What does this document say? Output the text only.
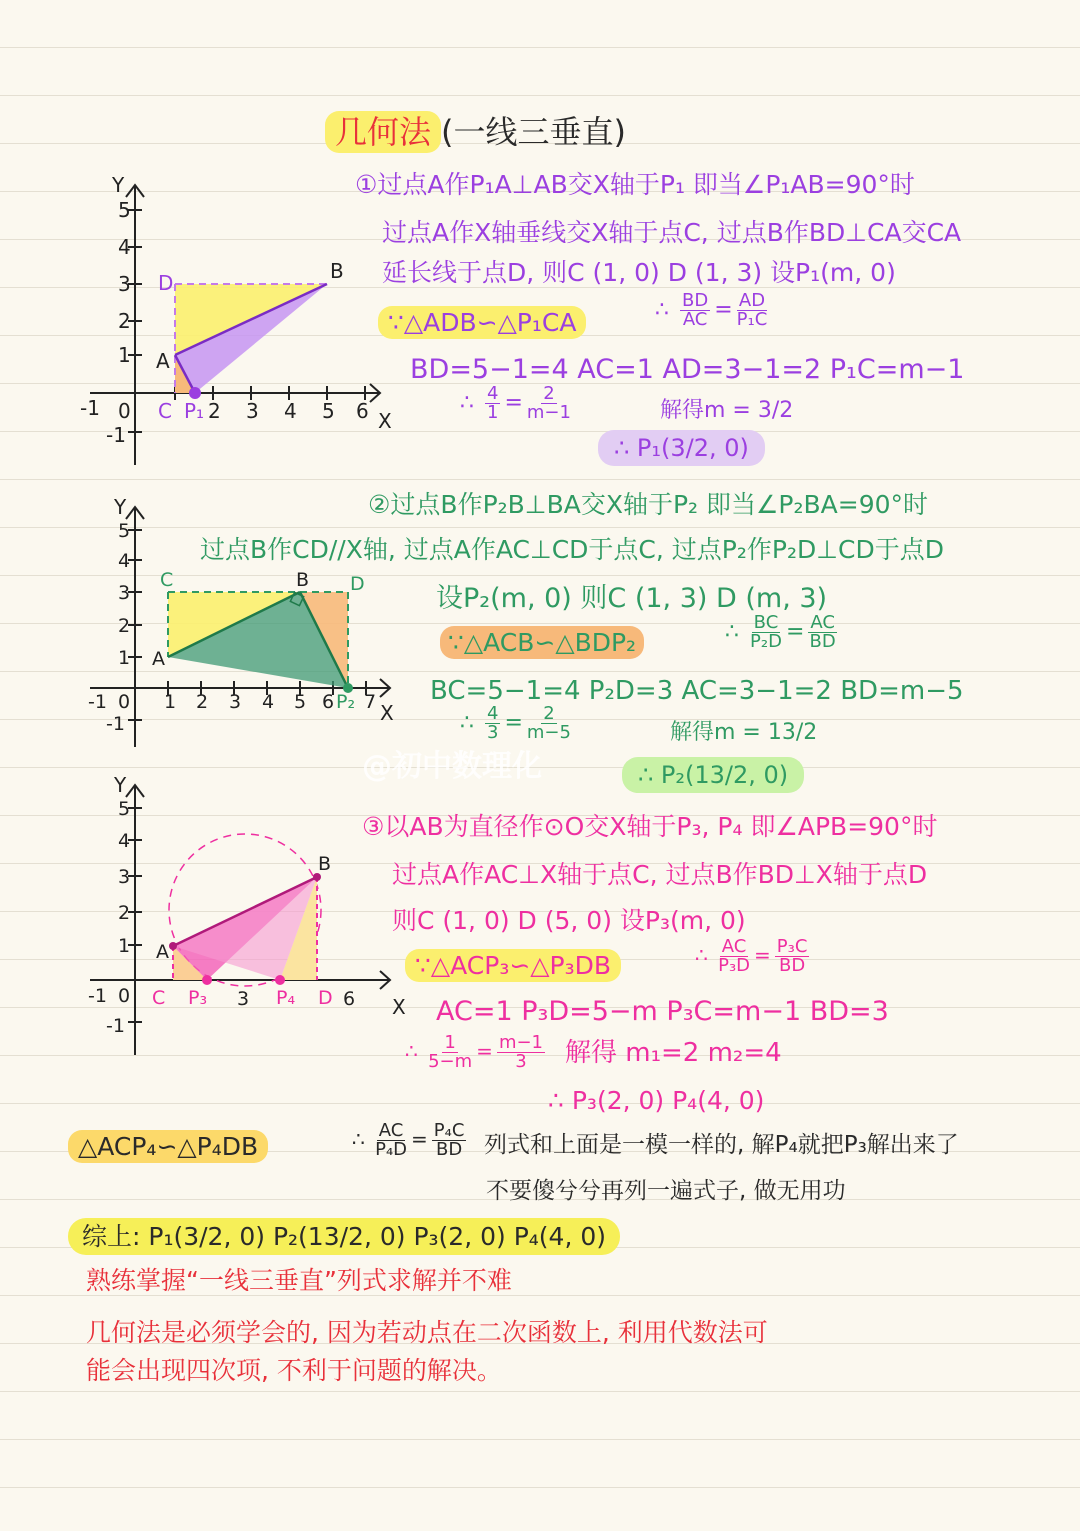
@初中数理化
几何法 (一线三垂直)
-1 0	2 3 4 5 6
1
2
3
4
5
-1
X
Y
A
B
C
D
P₁
①过点A作P₁A⊥AB交X轴于P₁ 即当∠P₁AB=90°时
过点A作X轴垂线交X轴于点C, 过点B作BD⊥CA交CA
延长线于点D, 则C (1, 0) D (1, 3) 设P₁(m, 0)
∵△ADB∽△P₁CA	∴ $\frac{BD}{AC} = \frac{AD}{\text{P₁C}}$
BD=5−1=4 AC=1 AD=3−1=2 P₁C=m−1
∴ $\frac{4}{1} = \frac{2}{m-1}$	解得m = 3/2
∴ P₁(3/2, 0)
-1 0 1 2 3 4 5 6 7
1
2
3
4
5
-1	X
Y
A
B
C	D
P₂
②过点B作P₂B⊥BA交X轴于P₂ 即当∠P₂BA=90°时
过点B作CD//X轴, 过点A作AC⊥CD于点C, 过点P₂作P₂D⊥CD于点D
设P₂(m, 0) 则C (1, 3) D (m, 3)
∵△ACB∽△BDP₂	∴ $\frac{BC}{\text{P₂D}} = \frac{AC}{BD}$
BC=5−1=4 P₂D=3 AC=3−1=2 BD=m−5
∴ $\frac{4}{3} = \frac{2}{m-5}$	解得m = 13/2
∴ P₂(13/2, 0)
-1 0	3	6
1
2
3
4
5
-1
X
Y
A
B
C P₃	P₄ D
③以AB为直径作⊙O交X轴于P₃, P₄ 即∠APB=90°时
过点A作AC⊥X轴于点C, 过点B作BD⊥X轴于点D
则C (1, 0) D (5, 0) 设P₃(m, 0)
∵△ACP₃∽△P₃DB	∴ $\frac{AC}{\text{P₃D}} = \frac{\text{P₃C}}{BD}$
AC=1 P₃D=5−m P₃C=m−1 BD=3
∴ $\frac{1}{5-m} = \frac{m-1}{3}$ 解得 m₁=2 m₂=4
∴ P₃(2, 0) P₄(4, 0)
△ACP₄∽△P₄DB	∴ $\frac{AC}{\text{P₄D}} = \frac{\text{P₄C}}{BD}$ 列式和上面是一模一样的, 解P₄就把P₃解出来了
不要傻兮兮再列一遍式子, 做无用功
综上: P₁(3/2, 0) P₂(13/2, 0) P₃(2, 0) P₄(4, 0)
熟练掌握“一线三垂直”列式求解并不难
几何法是必须学会的, 因为若动点在二次函数上, 利用代数法可
能会出现四次项, 不利于问题的解决。
